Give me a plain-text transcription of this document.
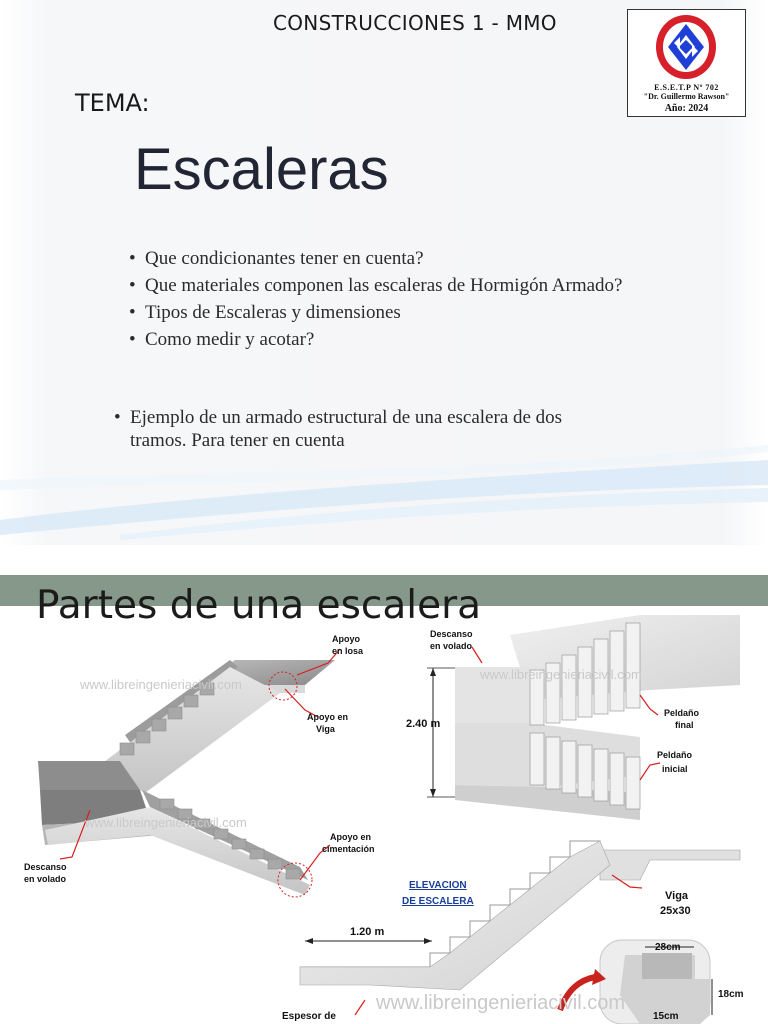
CONSTRUCCIONES 1 - MMO
E.S.E.T.P Nº 702
"Dr. Guillermo Rawson"
Año: 2024
TEMA:
Escaleras
• Que condicionantes tener en cuenta?
• Que materiales componen las escaleras de Hormigón Armado?
• Tipos de Escaleras y dimensiones
• Como medir y acotar?
• Ejemplo de un armado estructural de una escalera de dos tramos. Para tener en cuenta
Partes de una escalera
www.libreingenieriacivil.com
www.libreingenieriacivil.com
www.libreingenieriacivil.com
www.libreingenieriacivil.com
Apoyo
en losa
Apoyo en
Viga
Apoyo en
cimentación
Descanso
en volado
Descanso
en volado
2.40 m
Peldaño
final
Peldaño
inicial
ELEVACION
DE ESCALERA	Viga
25x30
1.20 m
28cm
18cm
15cm
Espesor de
